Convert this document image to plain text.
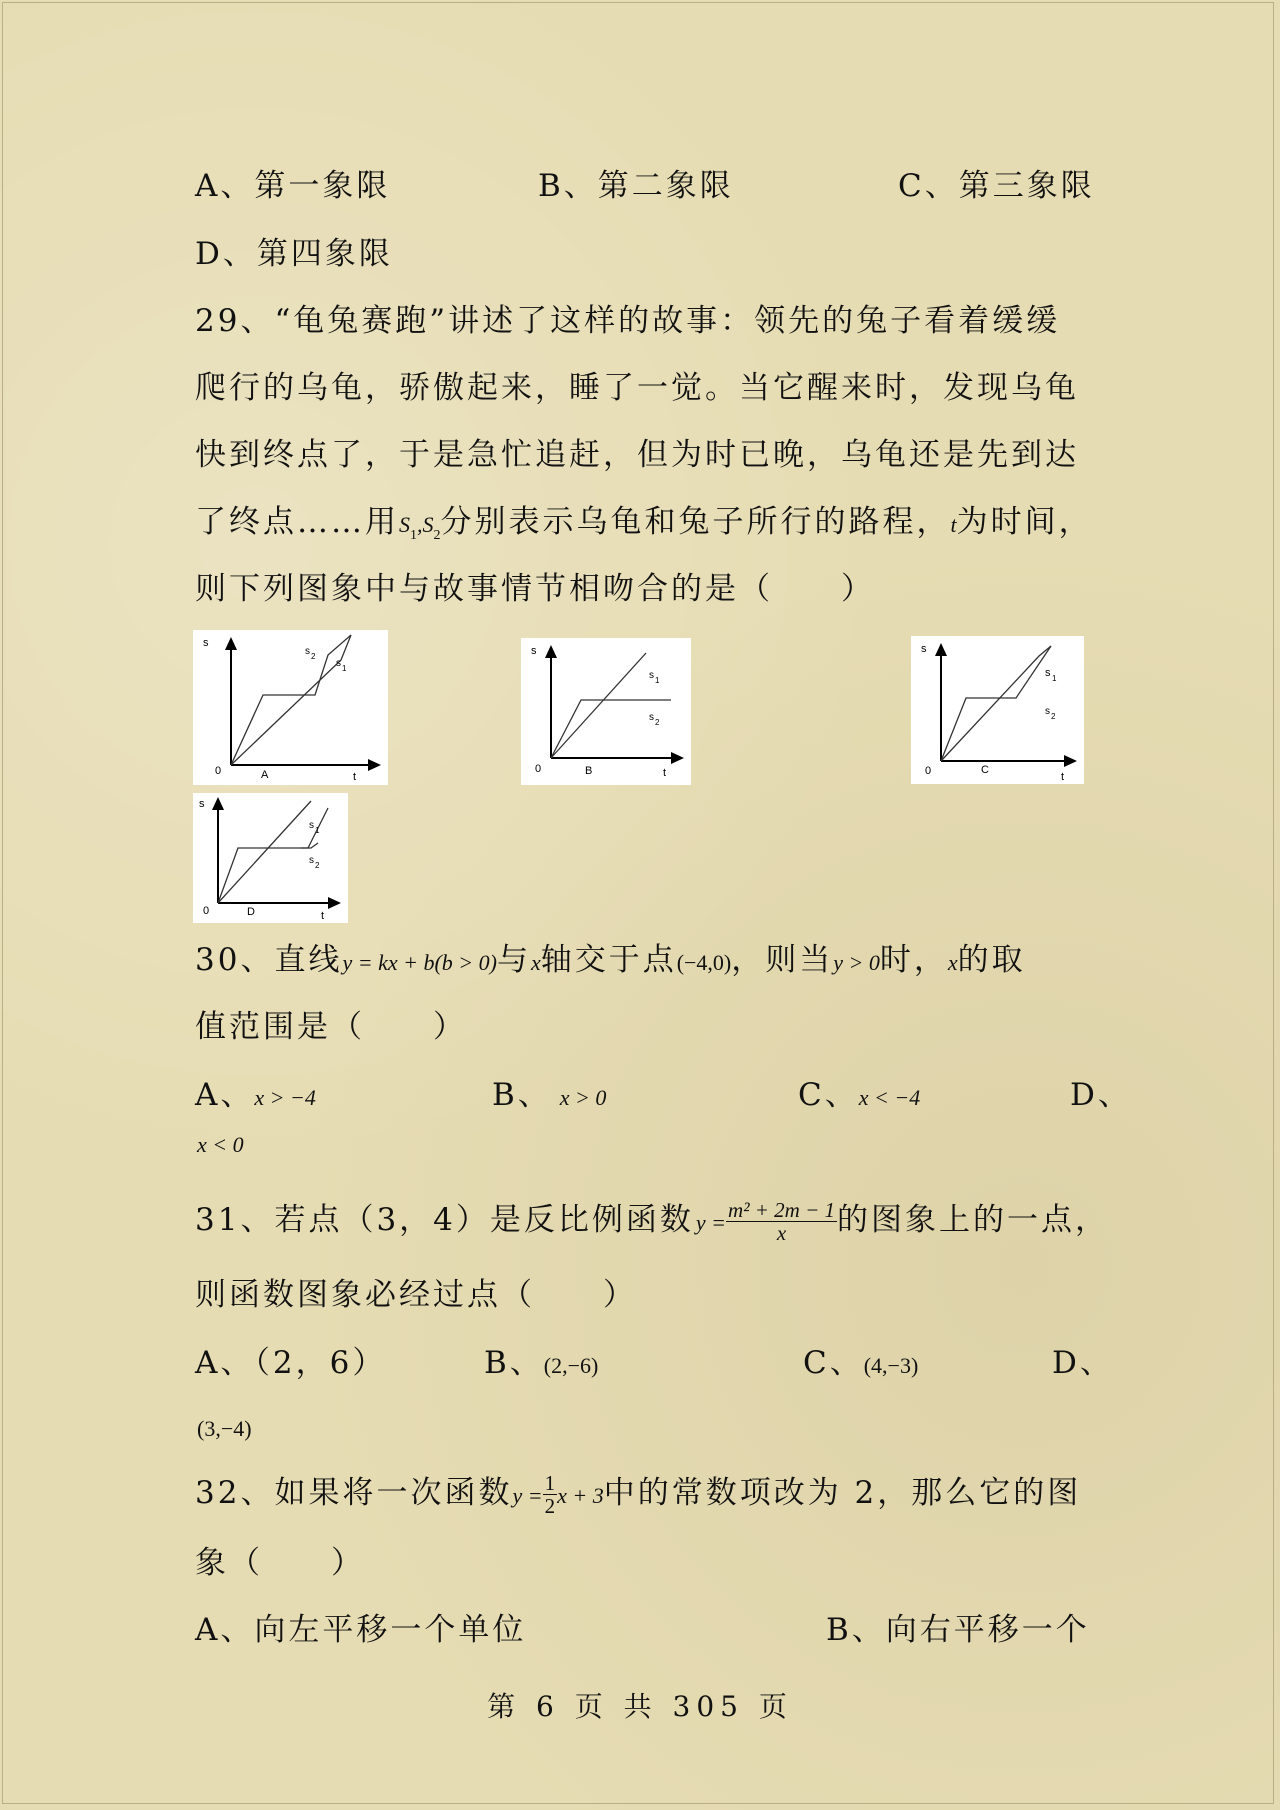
A、第一象限	B、第二象限	C、第三象限
D、第四象限
29、“龟兔赛跑”讲述了这样的故事：领先的兔子看着缓缓
爬行的乌龟，骄傲起来，睡了一觉。当它醒来时，发现乌龟
快到终点了，于是急忙追赶，但为时已晚，乌龟还是先到达
了终点……用$S_1,S_2$分别表示乌龟和兔子所行的路程，t为时间，
则下列图象中与故事情节相吻合的是（　　）
s
0	A	t
s 2
s 1
s
0	B	t
s 1
s 2
s
0	C
t
s 1
s 2
s
0	D	t
s 1
s 2
30、直线y = kx + b(b > 0)与x轴交于点(−4,0)，则当y > 0时，x的取
值范围是（　　）
A、x > −4	B、 x > 0	C、x < −4	D、
x < 0
31、若点（3，4）是反比例函数$y = \frac{\text{m² + 2m − 1}}{x}$ 的图象上的一点，
则函数图象必经过点（　　）
A、（2，6）	B、(2,−6)	C、(4,−3)	D、
(3,−4)
32、如果将一次函数$y = \frac{1}{2}$ x + 3中的常数项改为 2，那么它的图
象（　　）
A、向左平移一个单位	B、向右平移一个
第 6 页 共 305 页
